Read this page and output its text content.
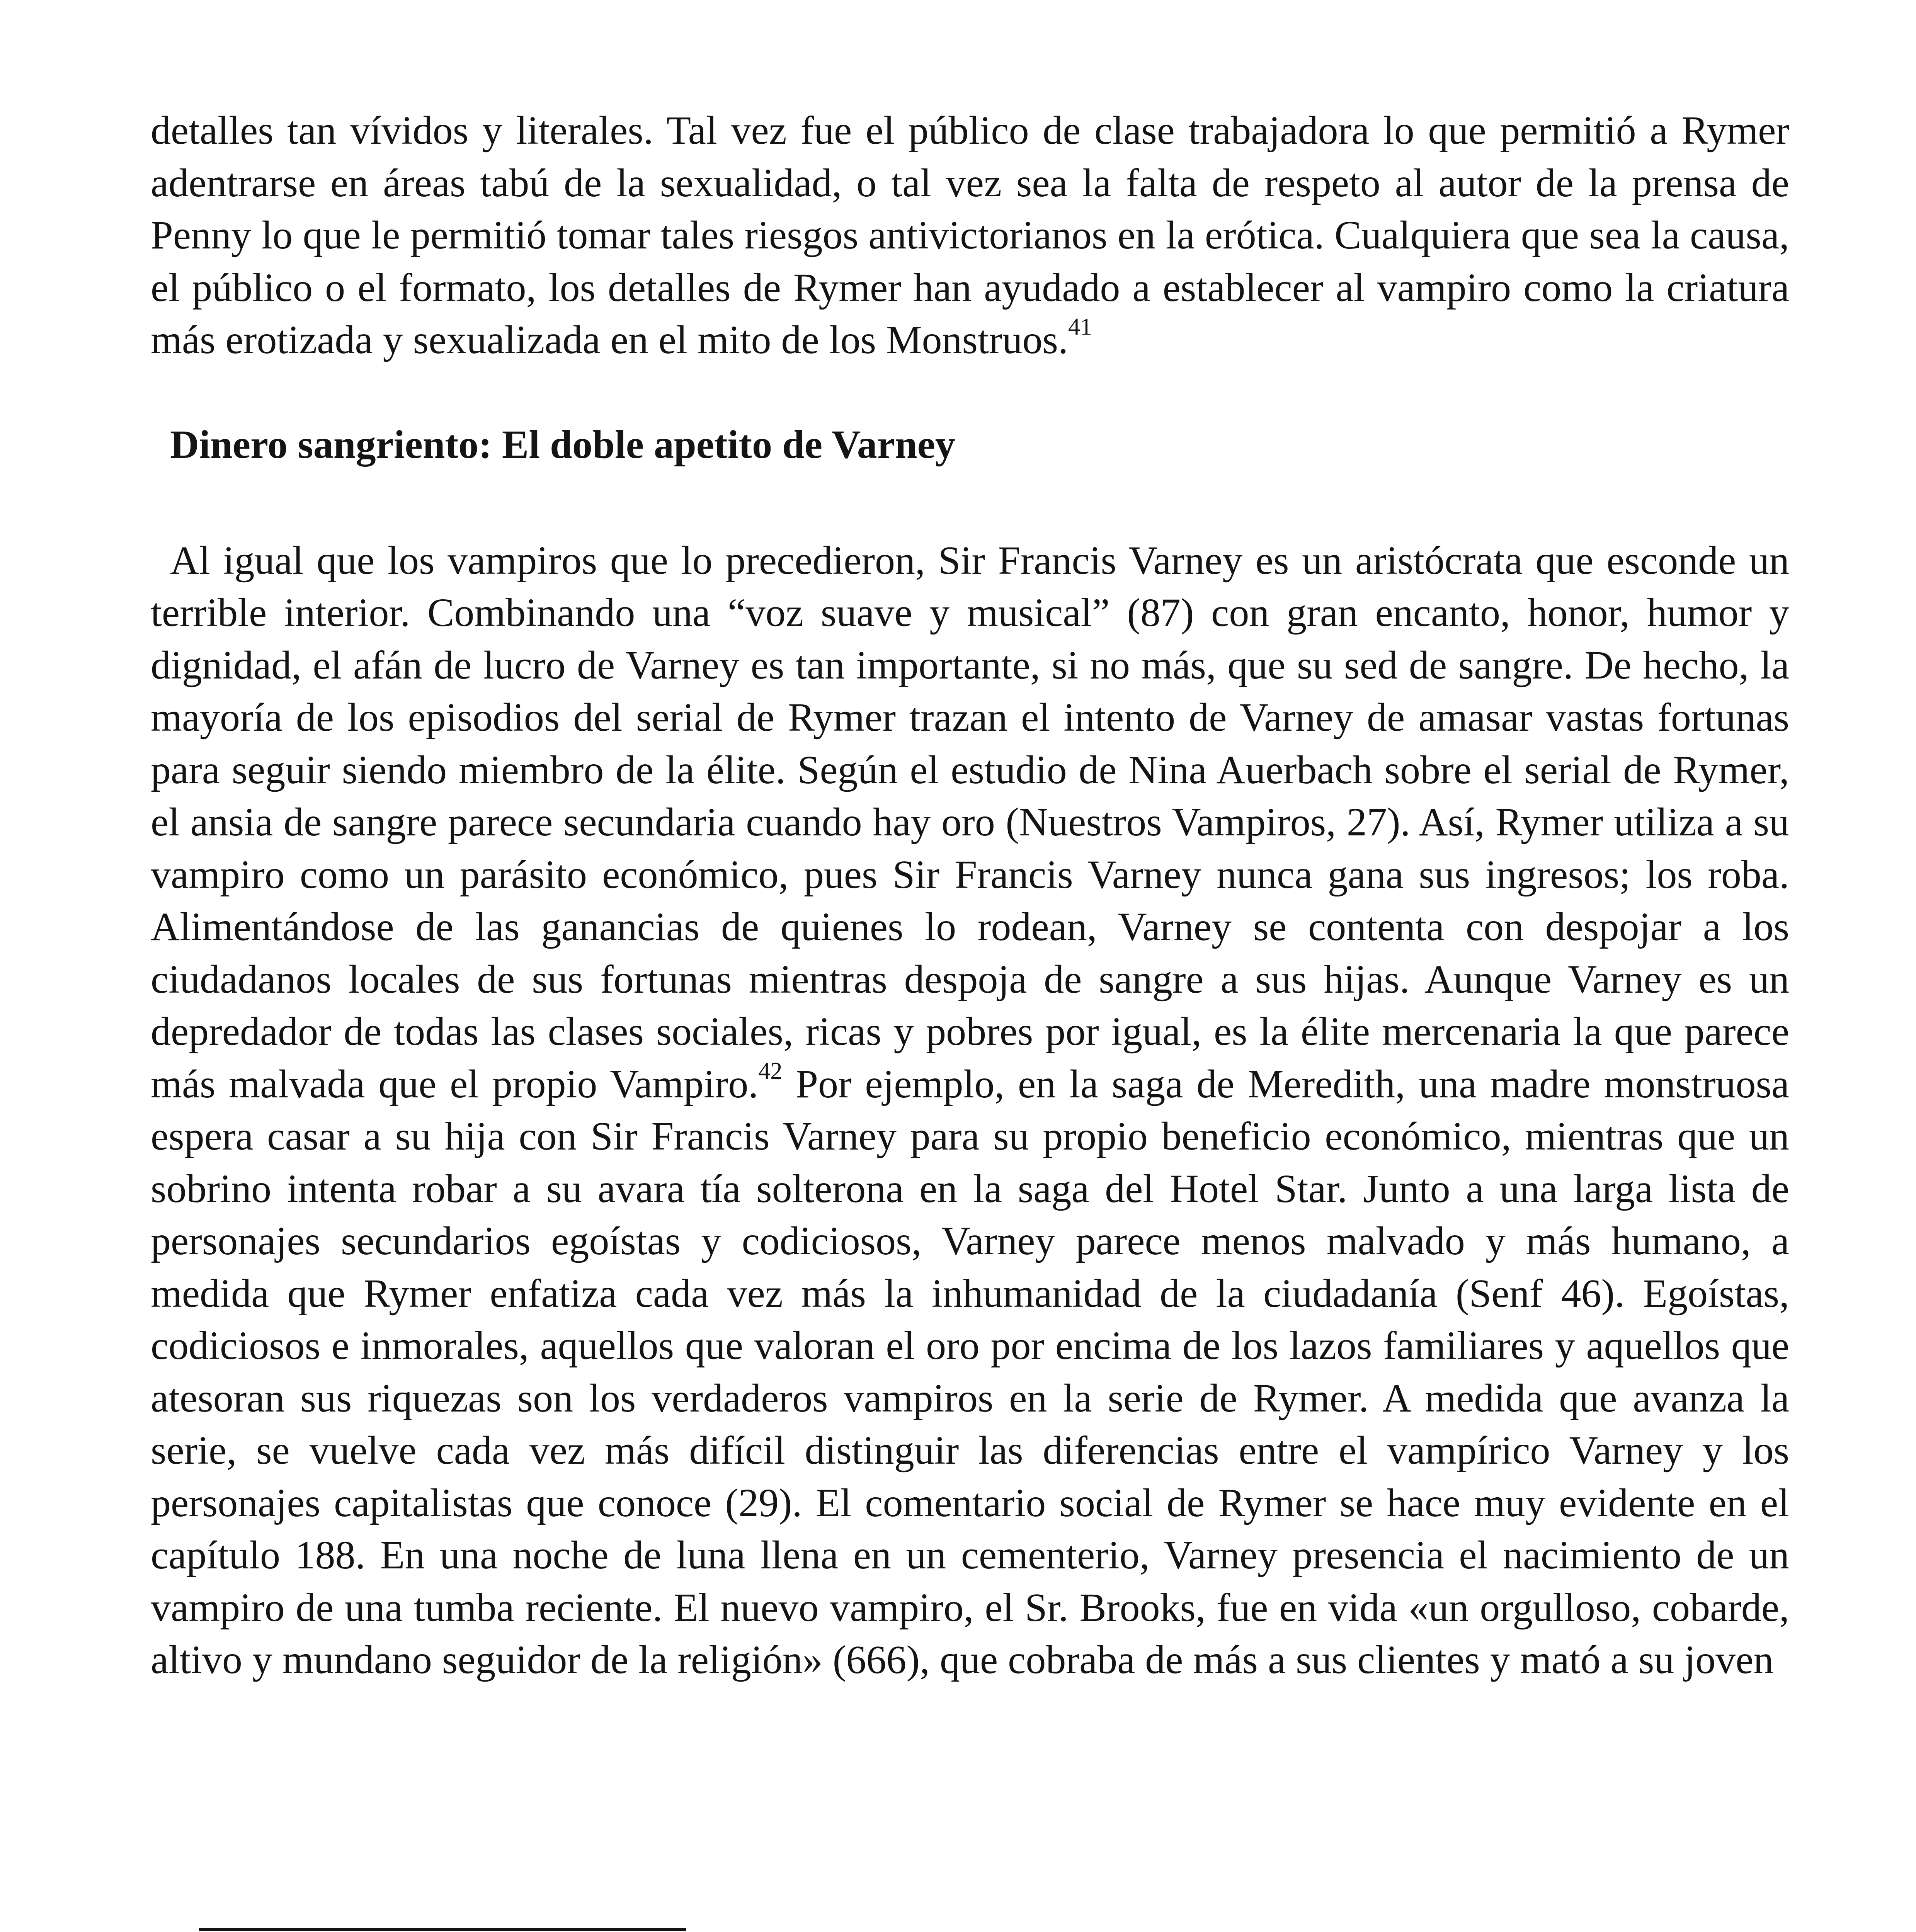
detalles tan vívidos y literales. Tal vez fue el público de clase trabajadora lo que permitió a Rymer adentrarse en áreas tabú de la sexualidad, o tal vez sea la falta de respeto al autor de la prensa de Penny lo que le permitió tomar tales riesgos antivictorianos en la erótica. Cualquiera que sea la causa, el público o el formato, los detalles de Rymer han ayudado a establecer al vampiro como la criatura más erotizada y sexualizada en el mito de los Monstruos.$^{41}$

Dinero sangriento: El doble apetito de Varney

Al igual que los vampiros que lo precedieron, Sir Francis Varney es un aristócrata que esconde un terrible interior. Combinando una “voz suave y musical” (87) con gran encanto, honor, humor y dignidad, el afán de lucro de Varney es tan importante, si no más, que su sed de sangre. De hecho, la mayoría de los episodios del serial de Rymer trazan el intento de Varney de amasar vastas fortunas para seguir siendo miembro de la élite. Según el estudio de Nina Auerbach sobre el serial de Rymer, el ansia de sangre parece secundaria cuando hay oro (Nuestros Vampiros, 27). Así, Rymer utiliza a su vampiro como un parásito económico, pues Sir Francis Varney nunca gana sus ingresos; los roba. Alimentándose de las ganancias de quienes lo rodean, Varney se contenta con despojar a los ciudadanos locales de sus fortunas mientras despoja de sangre a sus hijas. Aunque Varney es un depredador de todas las clases sociales, ricas y pobres por igual, es la élite mercenaria la que parece más malvada que el propio Vampiro.$^{42}$ Por ejemplo, en la saga de Meredith, una madre monstruosa espera casar a su hija con Sir Francis Varney para su propio beneficio económico, mientras que un sobrino intenta robar a su avara tía solterona en la saga del Hotel Star. Junto a una larga lista de personajes secundarios egoístas y codiciosos, Varney parece menos malvado y más humano, a medida que Rymer enfatiza cada vez más la inhumanidad de la ciudadanía (Senf 46). Egoístas, codiciosos e inmorales, aquellos que valoran el oro por encima de los lazos familiares y aquellos que atesoran sus riquezas son los verdaderos vampiros en la serie de Rymer. A medida que avanza la serie, se vuelve cada vez más difícil distinguir las diferencias entre el vampírico Varney y los personajes capitalistas que conoce (29). El comentario social de Rymer se hace muy evidente en el capítulo 188. En una noche de luna llena en un cementerio, Varney presencia el nacimiento de un vampiro de una tumba reciente. El nuevo vampiro, el Sr. Brooks, fue en vida «un orgulloso, cobarde, altivo y mundano seguidor de la religión» (666), que cobraba de más a sus clientes y mató a su joven
